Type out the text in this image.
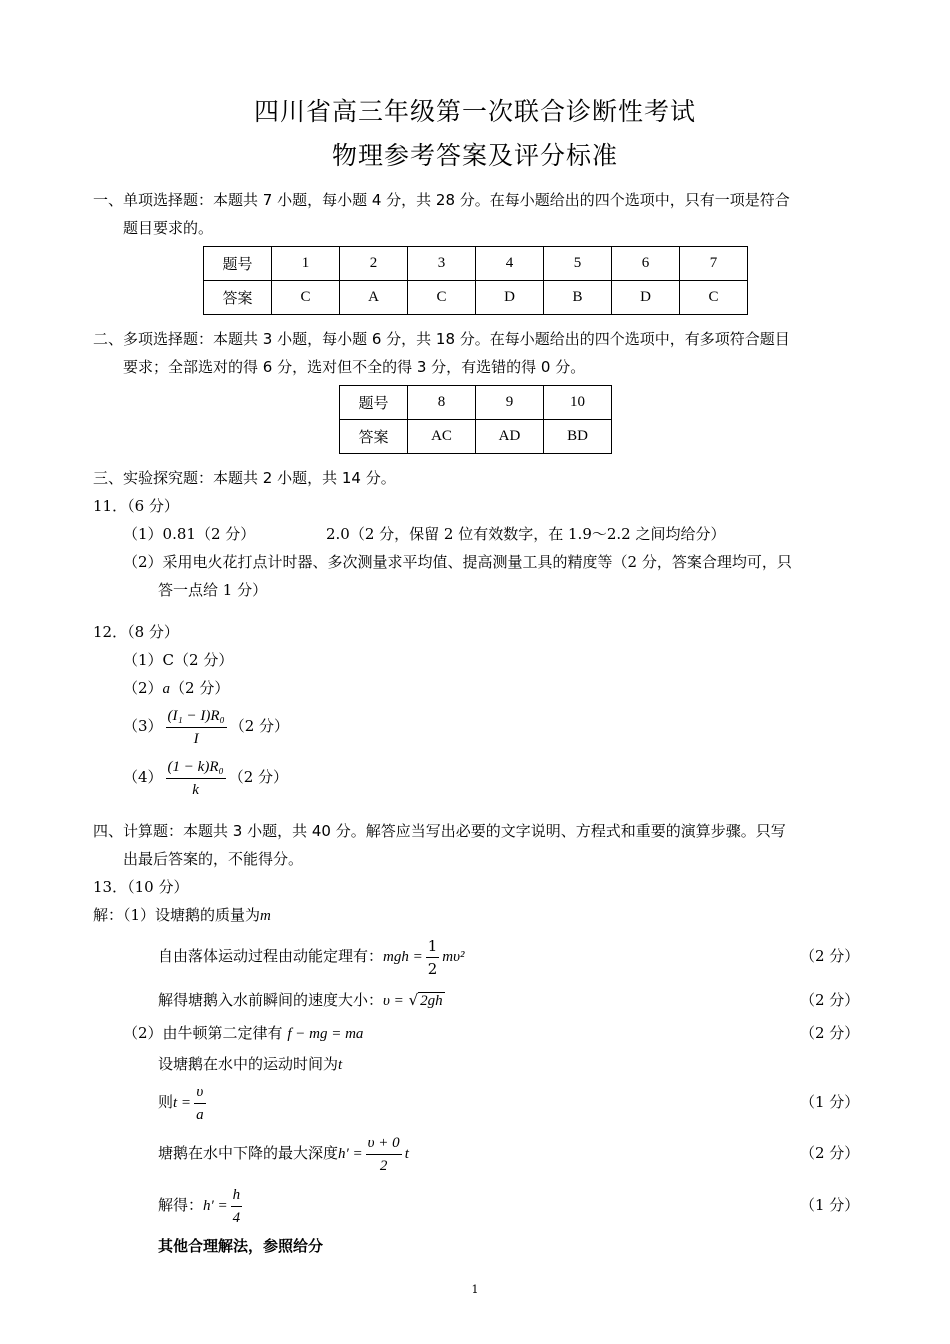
四川省高三年级第一次联合诊断性考试
物理参考答案及评分标准
一、单项选择题：本题共 7 小题，每小题 4 分，共 28 分。在每小题给出的四个选项中，只有一项是符合
题目要求的。
题号	1	2	3	4	5	6	7
答案	C	A	C	D	B	D	C
二、多项选择题：本题共 3 小题，每小题 6 分，共 18 分。在每小题给出的四个选项中，有多项符合题目
要求；全部选对的得 6 分，选对但不全的得 3 分，有选错的得 0 分。
题号	8	9	10
答案	AC	AD	BD
三、实验探究题：本题共 2 小题，共 14 分。
11．（6 分）
（1）0.81（2 分）	2.0（2 分，保留 2 位有效数字，在 1.9～2.2 之间均给分）
（2）采用电火花打点计时器、多次测量求平均值、提高测量工具的精度等（2 分，答案合理均可，只
答一点给 1 分）
12．（8 分）
（1）C（2 分）
（2）a（2 分）
$(3) \frac{\text{(I₁ − I)R₀}}{I} (2$ 分）
$(4) \frac{\text{(1 − k)R₀}}{k} (2$ 分）
四、计算题：本题共 3 小题，共 40 分。解答应当写出必要的文字说明、方程式和重要的演算步骤。只写
出最后答案的，不能得分。
13．（10 分）
解：（1）设塘鹅的质量为m
自由落体运动过程由动能定理有：mgh = $\frac{1}{2} m\upsilon^2$	（2 分）
解得塘鹅入水前瞬间的速度大小：υ = √ 2gh	（2 分）
（2）由牛顿第二定律有 f − mg = ma	（2 分）
设塘鹅在水中的运动时间为t
则$t = \frac{\upsilon}{a}$	（1 分）
塘鹅在水中下降的最大深度$h' = \frac{\upsilon + 0}{2}$ t	（2 分）
解得：$h' = \frac{h}{4}$	（1 分）
其他合理解法，参照给分
1
